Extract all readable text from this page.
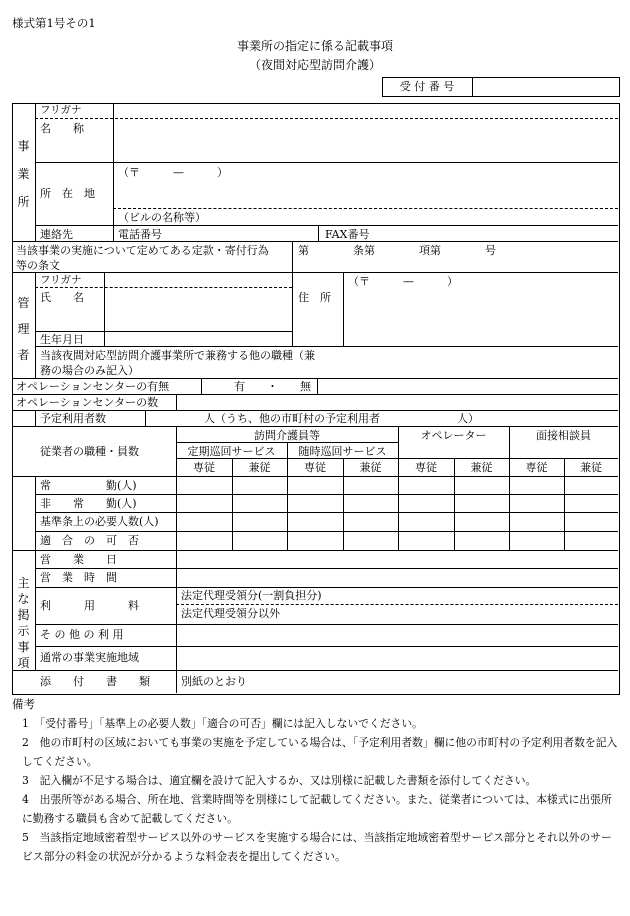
様式第1号その1
事業所の指定に係る記載事項
（夜間対応型訪問介護）
受 付 番 号
事業所
フリガナ
名　　称
所　在　地
（〒　　　—　　　）
（ビルの名称等）
連絡先	電話番号	FAX番号
当該事業の実施について定めてある定款・寄付行為
等の条文
第　　　　条第　　　　項第　　　　号
管理者
フリガナ
氏　　名
生年月日
住　所
（〒　　　—　　　）
当該夜間対応型訪問介護事業所で兼務する他の職種（兼
務の場合のみ記入）
オペレーションセンターの有無	有　　・　　無
オペレーションセンターの数
予定利用者数	人（うち、他の市町村の予定利用者　　　　　　　人）
従業者の職種・員数
訪問介護員等
定期巡回サービス	随時巡回サービス
オペレーター	面接相談員
専従	兼従	専従	兼従	専従	兼従	専従	兼従
常　　　　　勤(人)
非　　常　　勤(人)
基準条上の必要人数(人)
適　合　の　可　否
主な掲示事項
営　　業　　日
営　業　時　間
利　　　用　　　料
法定代理受領分(一割負担分)
法定代理受領分以外
そ の 他 の 利 用
通常の事業実施地域
添　　付　　書　　類	別紙のとおり
備考
1　「受付番号」「基準上の必要人数」「適合の可否」欄には記入しないでください。
2　他の市町村の区域においても事業の実施を予定している場合は、「予定利用者数」欄に他の市町村の予定利用者数を記入してください。
3　記入欄が不足する場合は、適宜欄を設けて記入するか、又は別様に記載した書類を添付してください。
4　出張所等がある場合、所在地、営業時間等を別様にして記載してください。また、従業者については、本様式に出張所に勤務する職員も含めて記載してください。
5　当該指定地域密着型サービス以外のサービスを実施する場合には、当該指定地域密着型サービス部分とそれ以外のサービス部分の料金の状況が分かるような料金表を提出してください。
